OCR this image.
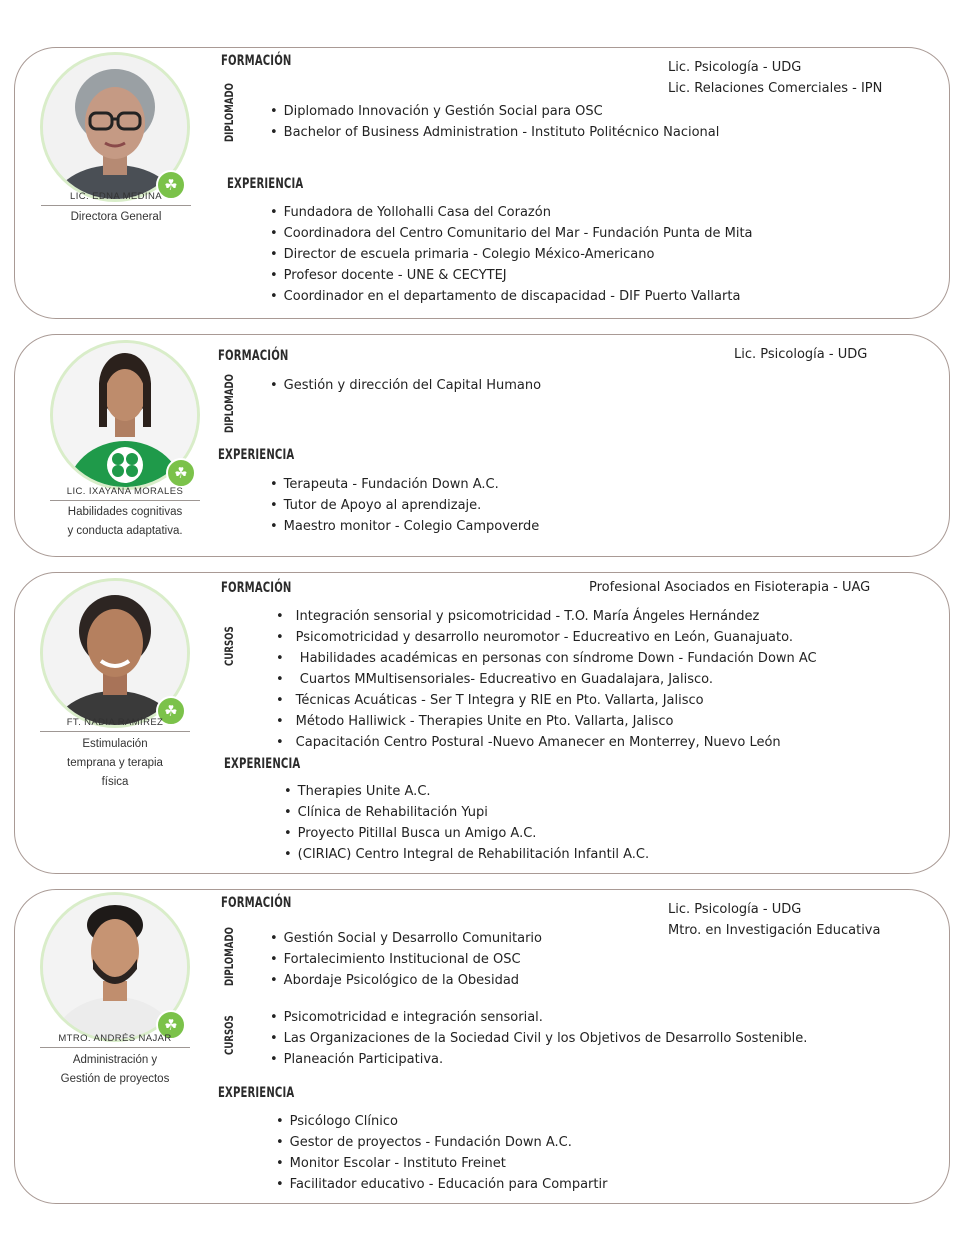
☘
LIC. EDNA MEDINA
Directora General
FORMACIÓN	Lic. Psicología - UDG
Lic. Relaciones Comerciales - IPN
DIPLOMADO	• Diplomado Innovación y Gestión Social para OSC
• Bachelor of Business Administration - Instituto Politécnico Nacional
EXPERIENCIA
• Fundadora de Yollohalli Casa del Corazón
• Coordinadora del Centro Comunitario del Mar - Fundación Punta de Mita
• Director de escuela primaria - Colegio México-Americano
• Profesor docente - UNE & CECYTEJ
• Coordinador en el departamento de discapacidad - DIF Puerto Vallarta
☘
LIC. IXAYANA MORALES
Habilidades cognitivas
y conducta adaptativa.
FORMACIÓN	Lic. Psicología - UDG
DIPLOMADO	• Gestión y dirección del Capital Humano
EXPERIENCIA
• Terapeuta - Fundación Down A.C.
• Tutor de Apoyo al aprendizaje.
• Maestro monitor - Colegio Campoverde
☘
FT. NADIA RAMÍREZ
Estimulación
temprana y terapia
física
FORMACIÓN	Profesional Asociados en Fisioterapia - UAG
CURSOS
• Integración sensorial y psicomotricidad - T.O. María Ángeles Hernández
• Psicomotricidad y desarrollo neuromotor - Educreativo en León, Guanajuato.
• Habilidades académicas en personas con síndrome Down - Fundación Down AC
• Cuartos MMultisensoriales- Educreativo en Guadalajara, Jalisco.
• Técnicas Acuáticas - Ser T Integra y RIE en Pto. Vallarta, Jalisco
• Método Halliwick - Therapies Unite en Pto. Vallarta, Jalisco
• Capacitación Centro Postural -Nuevo Amanecer en Monterrey, Nuevo León
EXPERIENCIA
• Therapies Unite A.C.
• Clínica de Rehabilitación Yupi
• Proyecto Pitillal Busca un Amigo A.C.
• (CIRIAC) Centro Integral de Rehabilitación Infantil A.C.
☘
MTRO. ANDRÉS NAJAR
Administración y
Gestión de proyectos
FORMACIÓN	Lic. Psicología - UDG
Mtro. en Investigación Educativa
DIPLOMADO	• Gestión Social y Desarrollo Comunitario
• Fortalecimiento Institucional de OSC
• Abordaje Psicológico de la Obesidad
CURSOS	• Psicomotricidad e integración sensorial.
• Las Organizaciones de la Sociedad Civil y los Objetivos de Desarrollo Sostenible.
• Planeación Participativa.
EXPERIENCIA
• Psicólogo Clínico
• Gestor de proyectos - Fundación Down A.C.
• Monitor Escolar - Instituto Freinet
• Facilitador educativo - Educación para Compartir
